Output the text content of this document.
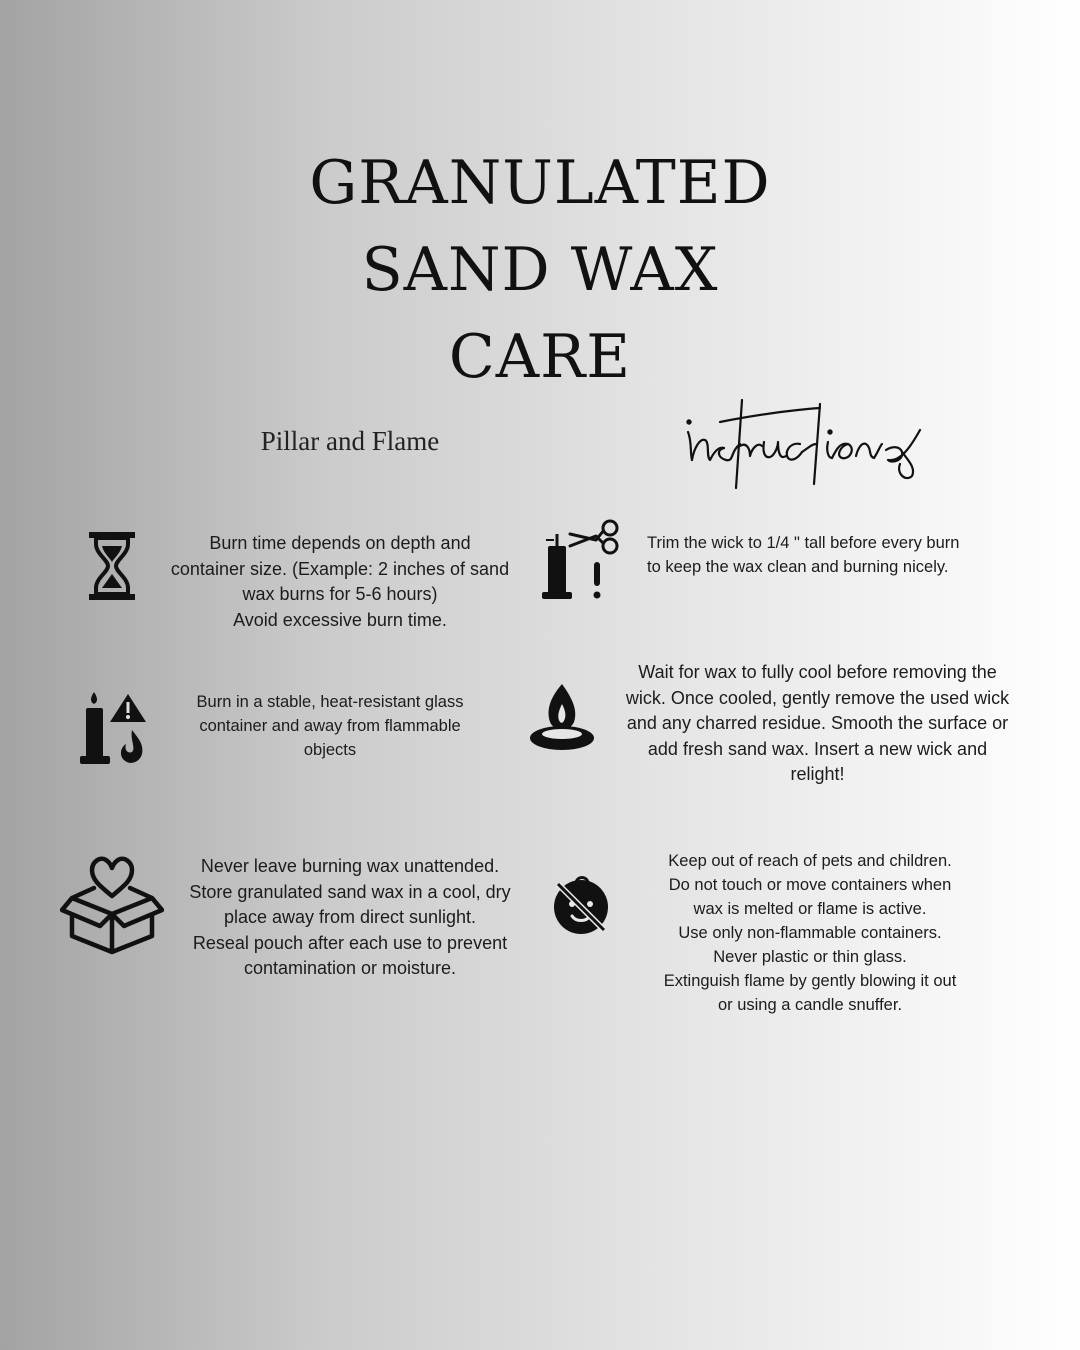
GRANULATED
SAND WAX
CARE
Pillar and Flame
Burn time depends on depth and
container size. (Example: 2 inches of sand
wax burns for 5-6 hours)
Avoid excessive burn time.
Trim the wick to 1/4 " tall before every burn
to keep the wax clean and burning nicely.
Burn in a stable, heat-resistant glass
container and away from flammable
objects
Wait for wax to fully cool before removing the
wick. Once cooled, gently remove the used wick
and any charred residue. Smooth the surface or
add fresh sand wax. Insert a new wick and
relight!
Never leave burning wax unattended.
Store granulated sand wax in a cool, dry
place away from direct sunlight.
Reseal pouch after each use to prevent
contamination or moisture.
Keep out of reach of pets and children.
Do not touch or move containers when
wax is melted or flame is active.
Use only non-flammable containers.
Never plastic or thin glass.
Extinguish flame by gently blowing it out
or using a candle snuffer.
